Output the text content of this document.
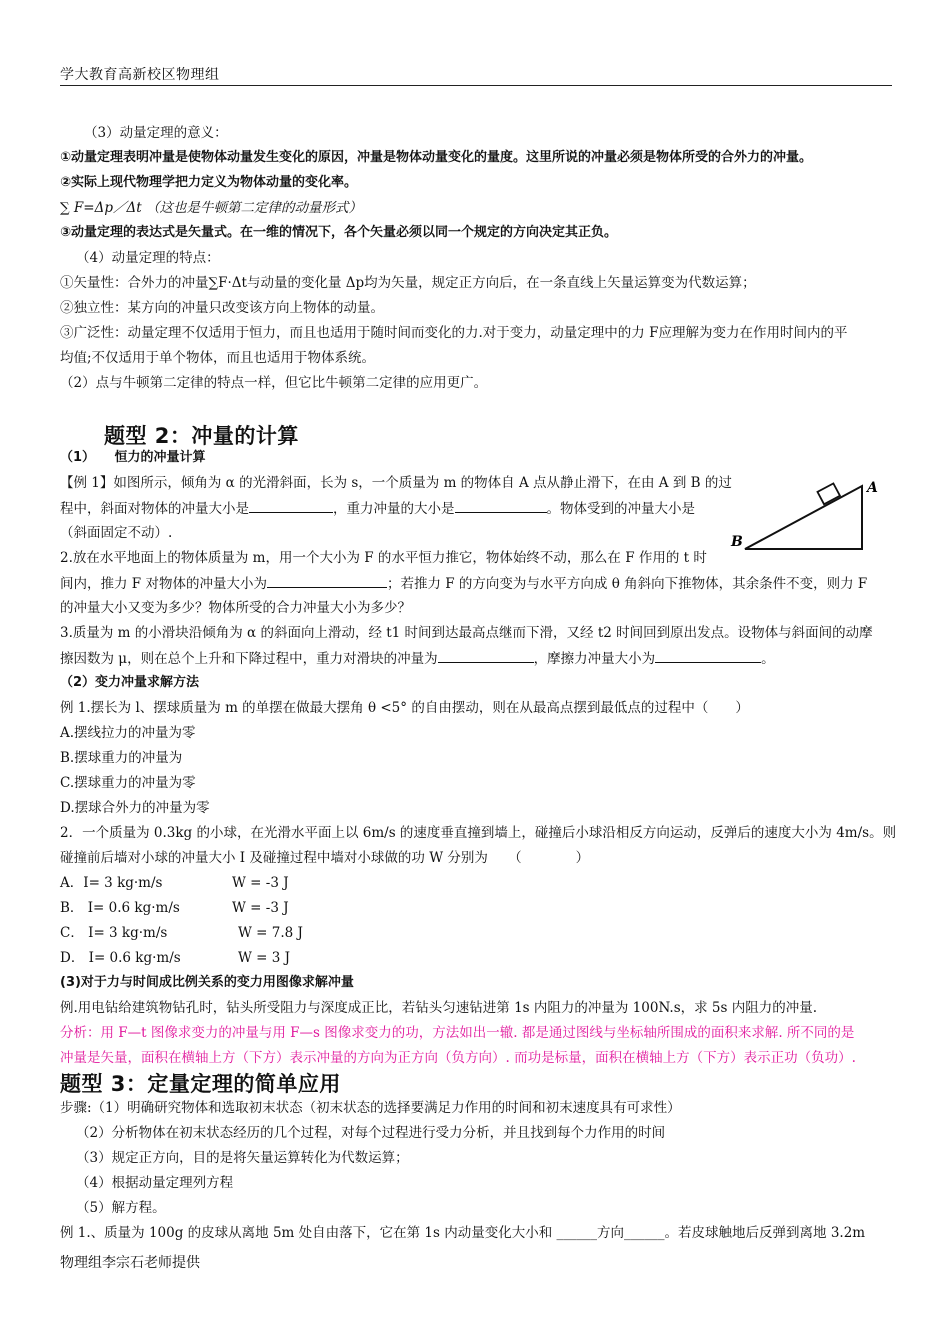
学大教育高新校区物理组
（3）动量定理的意义：
①动量定理表明冲量是使物体动量发生变化的原因，冲量是物体动量变化的量度。这里所说的冲量必须是物体所受的合外力的冲量。
②实际上现代物理学把力定义为物体动量的变化率。
∑ F=Δp／Δt （这也是牛顿第二定律的动量形式）
③动量定理的表达式是矢量式。在一维的情况下，各个矢量必须以同一个规定的方向决定其正负。
（4）动量定理的特点：
①矢量性：合外力的冲量∑F·Δt与动量的变化量 Δp均为矢量，规定正方向后，在一条直线上矢量运算变为代数运算；
②独立性：某方向的冲量只改变该方向上物体的动量。
③广泛性：动量定理不仅适用于恒力，而且也适用于随时间而变化的力.对于变力，动量定理中的力 F应理解为变力在作用时间内的平
均值;不仅适用于单个物体，而且也适用于物体系统。
（2）点与牛顿第二定律的特点一样，但它比牛顿第二定律的应用更广。
题型 2：冲量的计算
（1）　　恒力的冲量计算
【例 1】如图所示，倾角为 α 的光滑斜面，长为 s，一个质量为 m 的物体自 A 点从静止滑下，在由 A 到 B 的过
程中，斜面对物体的冲量大小是	，重力冲量的大小是	。物体受到的冲量大小是
（斜面固定不动）.
A
B
2.放在水平地面上的物体质量为 m，用一个大小为 F 的水平恒力推它，物体始终不动，那么在 F 作用的 t 时
间内，推力 F 对物体的冲量大小为	；若推力 F 的方向变为与水平方向成 θ 角斜向下推物体，其余条件不变，则力 F
的冲量大小又变为多少？物体所受的合力冲量大小为多少？
3.质量为 m 的小滑块沿倾角为 α 的斜面向上滑动，经 t1 时间到达最高点继而下滑，又经 t2 时间回到原出发点。设物体与斜面间的动摩
擦因数为 μ，则在总个上升和下降过程中，重力对滑块的冲量为	，摩擦力冲量大小为	。
（2）变力冲量求解方法
例 1.摆长为 l、摆球质量为 m 的单摆在做最大摆角 θ <5° 的自由摆动，则在从最高点摆到最低点的过程中（　　）
A.摆线拉力的冲量为零
B.摆球重力的冲量为
C.摆球重力的冲量为零
D.摆球合外力的冲量为零
2．一个质量为 0.3kg 的小球，在光滑水平面上以 6m/s 的速度垂直撞到墙上，碰撞后小球沿相反方向运动，反弹后的速度大小为 4m/s。则
碰撞前后墙对小球的冲量大小 I 及碰撞过程中墙对小球做的功 W 分别为　　（　　　　）
A．I= 3 kg·m/s	W = -3 J
B． I= 0.6 kg·m/s	W = -3 J
C． I= 3 kg·m/s	W = 7.8 J
D． I= 0.6 kg·m/s	W = 3 J
(3)对于力与时间成比例关系的变力用图像求解冲量
例.用电钻给建筑物钻孔时，钻头所受阻力与深度成正比，若钻头匀速钻进第 1s 内阻力的冲量为 100N.s，求 5s 内阻力的冲量.
分析：用 F—t 图像求变力的冲量与用 F—s 图像求变力的功，方法如出一辙. 都是通过图线与坐标轴所围成的面积来求解. 所不同的是
冲量是矢量，面积在横轴上方（下方）表示冲量的方向为正方向（负方向）. 而功是标量，面积在横轴上方（下方）表示正功（负功）.
题型 3：定量定理的简单应用
步骤:（1）明确研究物体和选取初末状态（初末状态的选择要满足力作用的时间和初末速度具有可求性）
（2）分析物体在初末状态经历的几个过程，对每个过程进行受力分析，并且找到每个力作用的时间
（3）规定正方向，目的是将矢量运算转化为代数运算；
（4）根据动量定理列方程
（5）解方程。
例 1.、质量为 100g 的皮球从离地 5m 处自由落下，它在第 1s 内动量变化大小和 ______方向______。若皮球触地后反弹到离地 3.2m
物理组李宗石老师提供
